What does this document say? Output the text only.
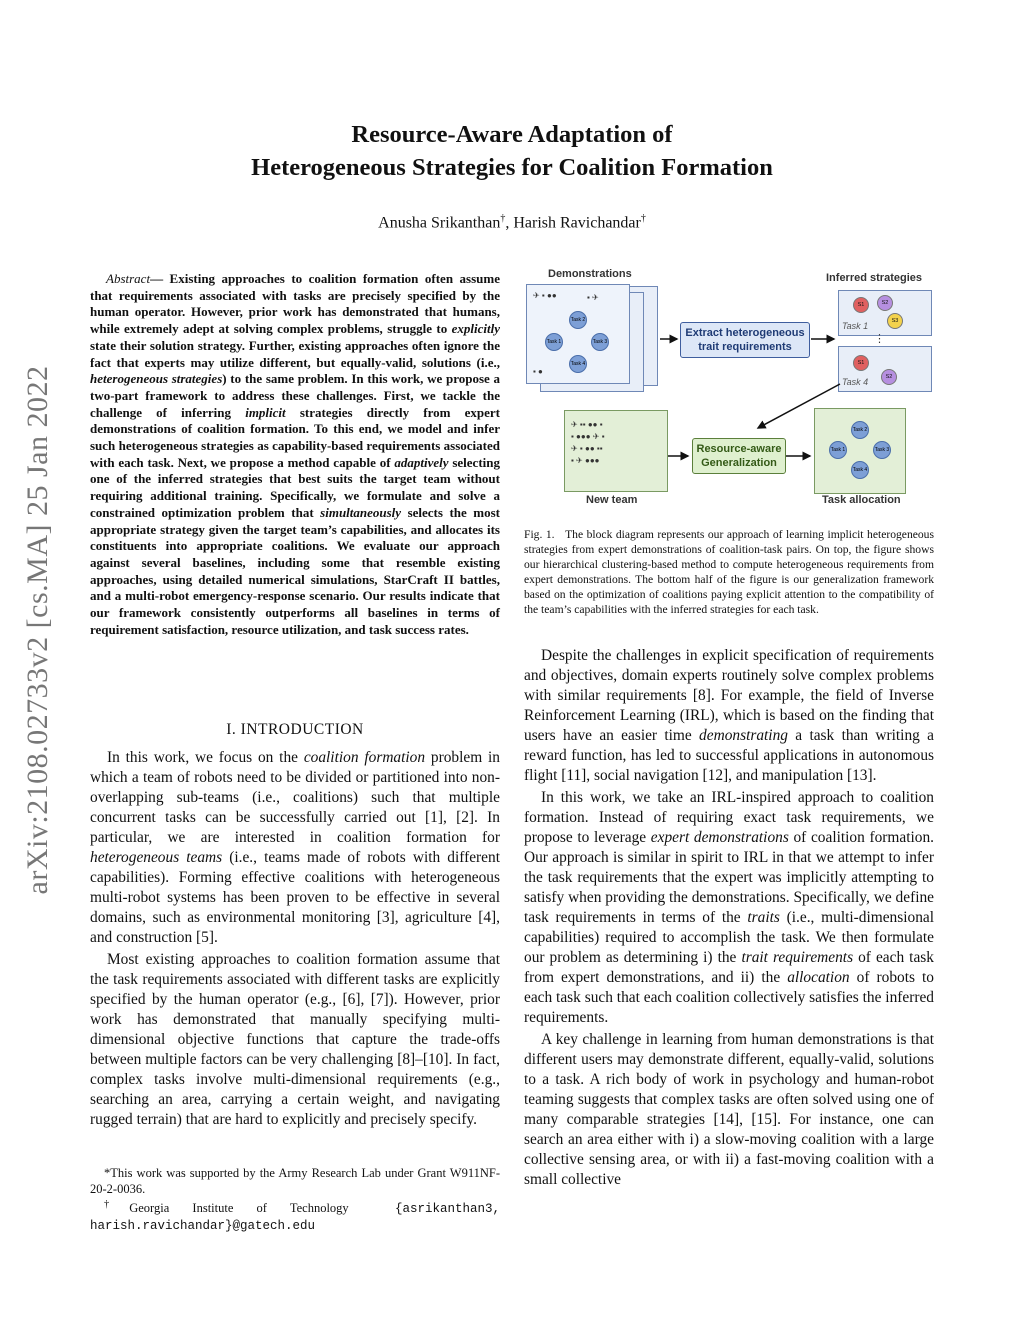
arXiv:2108.02733v2 [cs.MA] 25 Jan 2022
Resource-Aware Adaptation of
Heterogeneous Strategies for Coalition Formation
Anusha Srikanthan†, Harish Ravichandar†

Abstract— Existing approaches to coalition formation often assume that requirements associated with tasks are precisely specified by the human operator. However, prior work has demonstrated that humans, while extremely adept at solving complex problems, struggle to explicitly state their solution strategy. Further, existing approaches often ignore the fact that experts may utilize different, but equally-valid, solutions (i.e., heterogeneous strategies) to the same problem. In this work, we propose a two-part framework to address these challenges. First, we tackle the challenge of inferring implicit strategies directly from expert demonstrations of coalition formation. To this end, we model and infer such heterogeneous strategies as capability-based requirements associated with each task. Next, we propose a method capable of adaptively selecting one of the inferred strategies that best suits the target team without requiring additional training. Specifically, we formulate and solve a constrained optimization problem that simultaneously selects the most appropriate strategy given the target team’s capabilities, and allocates its constituents into appropriate coalitions. We evaluate our approach against several baselines, including some that resemble existing approaches, using detailed numerical simulations, StarCraft II battles, and a multi-robot emergency-response scenario. Our results indicate that our framework consistently outperforms all baselines in terms of requirement satisfaction, resource utilization, and task success rates.

I. INTRODUCTION

In this work, we focus on the coalition formation problem in which a team of robots need to be divided or partitioned into non-overlapping sub-teams (i.e., coalitions) such that multiple concurrent tasks can be successfully carried out [1], [2]. In particular, we are interested in coalition formation for heterogeneous teams (i.e., teams made of robots with different capabilities). Forming effective coalitions with heterogeneous multi-robot systems has been proven to be effective in several domains, such as environmental monitoring [3], agriculture [4], and construction [5].

Most existing approaches to coalition formation assume that the task requirements associated with different tasks are explicitly specified by the human operator (e.g., [6], [7]). However, prior work has demonstrated that manually specifying multi-dimensional objective functions that capture the trade-offs between multiple factors can be very challenging [8]–[10]. In fact, complex tasks involve multi-dimensional requirements (e.g., searching an area, carrying a certain weight, and navigating rugged terrain) that are hard to explicitly and precisely specify.

*This work was supported by the Army Research Lab under Grant W911NF-20-2-0036.

†Georgia Institute of Technology	{asrikanthan3, harish.ravichandar}@gatech.edu

Demonstrations	Inferred strategies
Task 2
Task 1	Task 3
Task 4
✈ ▪ ●●	▪ ✈
▪ ●
Extract heterogeneous trait requirements
S1	S2
S3
Task 1
⋮
S1
S2
Task 4
✈ ▪▪ ●● ▪
▪ ●●● ✈ ▪
✈ ▪ ●● ▪▪
▪ ✈ ●●●
New team
Resource-aware Generalization
Task 2
Task 1	Task 3
Task 4
Task allocation

Fig. 1. The block diagram represents our approach of learning implicit heterogeneous strategies from expert demonstrations of coalition-task pairs. On top, the figure shows our hierarchical clustering-based method to compute heterogeneous requirements from expert demonstrations. The bottom half of the figure is our generalization framework based on the optimization of coalitions paying explicit attention to the compatibility of the team’s capabilities with the inferred strategies for each task.

Despite the challenges in explicit specification of requirements and objectives, domain experts routinely solve complex problems with similar requirements [8]. For example, the field of Inverse Reinforcement Learning (IRL), which is based on the finding that users have an easier time demonstrating a task than writing a reward function, has led to successful applications in autonomous flight [11], social navigation [12], and manipulation [13].

In this work, we take an IRL-inspired approach to coalition formation. Instead of requiring exact task requirements, we propose to leverage expert demonstrations of coalition formation. Our approach is similar in spirit to IRL in that we attempt to infer the task requirements that the expert was implicitly attempting to satisfy when providing the demonstrations. Specifically, we define task requirements in terms of the traits (i.e., multi-dimensional capabilities) required to accomplish the task. We then formulate our problem as determining i) the trait requirements of each task from expert demonstrations, and ii) the allocation of robots to each task such that each coalition collectively satisfies the inferred requirements.

A key challenge in learning from human demonstrations is that different users may demonstrate different, equally-valid, solutions to a task. A rich body of work in psychology and human-robot teaming suggests that complex tasks are often solved using one of many comparable strategies [14], [15]. For instance, one can search an area either with i) a slow-moving coalition with a large collective sensing area, or with ii) a fast-moving coalition with a small collective
